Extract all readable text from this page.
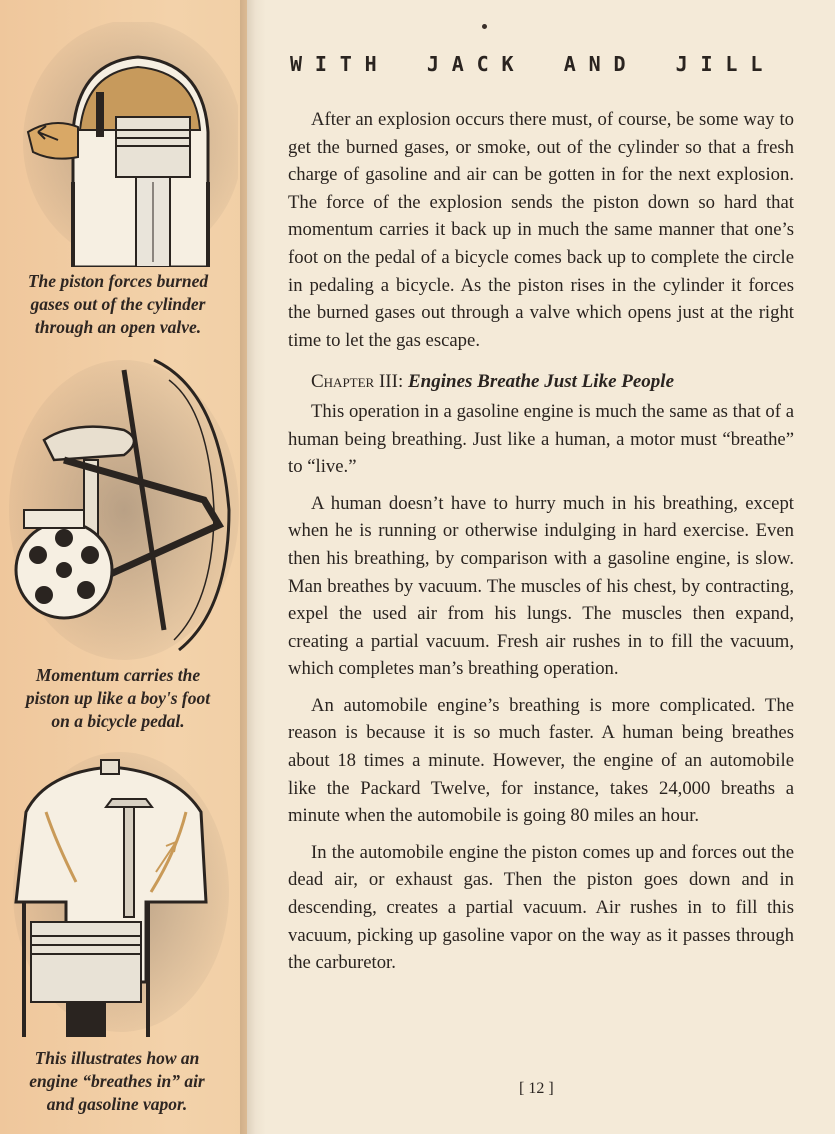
The piston forces burned
gases out of the cylinder
through an open valve.
Momentum carries the
piston up like a boy's foot
on a bicycle pedal.
This illustrates how an
engine “breathes in” air
and gasoline vapor.
W I T H    J A C K    A N D    J I L L

After an explosion occurs there must, of course, be some way to get the burned gases, or smoke, out of the cylinder so that a fresh charge of gasoline and air can be gotten in for the next explosion. The force of the explosion sends the piston down so hard that momentum carries it back up in much the same manner that one’s foot on the pedal of a bicycle comes back up to complete the circle in pedaling a bicycle. As the piston rises in the cylinder it forces the burned gases out through a valve which opens just at the right time to let the gas escape.

Chapter III: Engines Breathe Just Like People

This operation in a gasoline engine is much the same as that of a human being breathing. Just like a human, a motor must “breathe” to “live.”

A human doesn’t have to hurry much in his breathing, except when he is running or otherwise indulging in hard exercise. Even then his breathing, by comparison with a gasoline engine, is slow. Man breathes by vacuum. The muscles of his chest, by contracting, expel the used air from his lungs. The muscles then expand, creating a partial vacuum. Fresh air rushes in to fill the vacuum, which completes man’s breathing operation.

An automobile engine’s breathing is more complicated. The reason is because it is so much faster. A human being breathes about 18 times a minute. However, the engine of an automobile like the Packard Twelve, for instance, takes 24,000 breaths a minute when the automobile is going 80 miles an hour.

In the automobile engine the piston comes up and forces out the dead air, or exhaust gas. Then the piston goes down and in descending, creates a partial vacuum. Air rushes in to fill this vacuum, picking up gasoline vapor on the way as it passes through the carburetor.

[ 12 ]
